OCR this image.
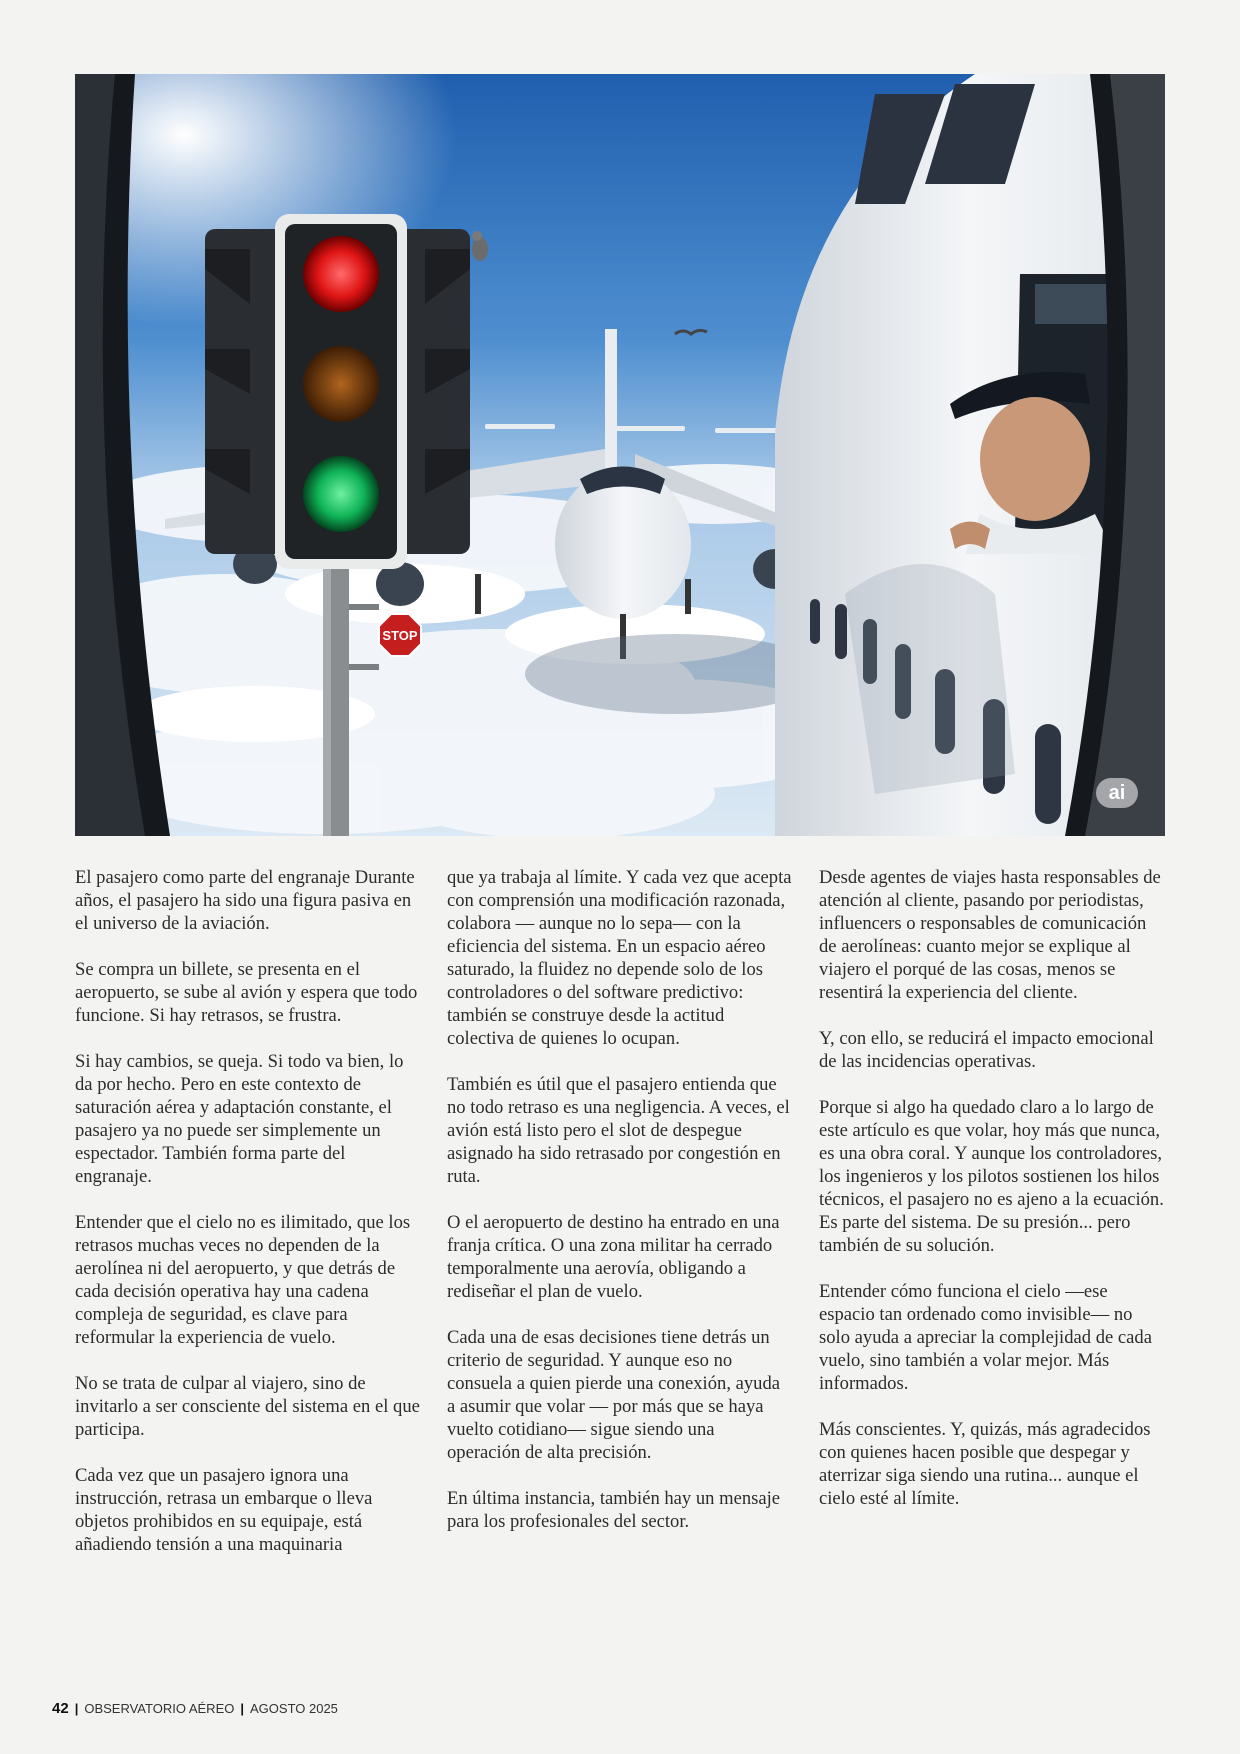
STOP
ai

El pasajero como parte del engranaje Durante años, el pasajero ha sido una figura pasiva en el universo de la aviación.

Se compra un billete, se presenta en el aeropuerto, se sube al avión y espera que todo funcione. Si hay retrasos, se frustra.

Si hay cambios, se queja. Si todo va bien, lo da por hecho. Pero en este contexto de saturación aérea y adaptación constante, el pasajero ya no puede ser simplemente un espectador. También forma parte del engranaje.

Entender que el cielo no es ilimitado, que los retrasos muchas veces no dependen de la aerolínea ni del aeropuerto, y que detrás de cada decisión operativa hay una cadena compleja de seguridad, es clave para reformular la experiencia de vuelo.

No se trata de culpar al viajero, sino de invitarlo a ser consciente del sistema en el que participa.

Cada vez que un pasajero ignora una instrucción, retrasa un embarque o lleva objetos prohibidos en su equipaje, está añadiendo tensión a una maquinaria

que ya trabaja al límite. Y cada vez que acepta con comprensión una modificación razonada, colabora — aunque no lo sepa— con la eficiencia del sistema. En un espacio aéreo saturado, la fluidez no depende solo de los controladores o del software predictivo: también se construye desde la actitud colectiva de quienes lo ocupan.

También es útil que el pasajero entienda que no todo retraso es una negligencia. A veces, el avión está listo pero el slot de despegue asignado ha sido retrasado por congestión en ruta.

O el aeropuerto de destino ha entrado en una franja crítica. O una zona militar ha cerrado temporalmente una aerovía, obligando a rediseñar el plan de vuelo.

Cada una de esas decisiones tiene detrás un criterio de seguridad. Y aunque eso no consuela a quien pierde una conexión, ayuda a asumir que volar — por más que se haya vuelto cotidiano— sigue siendo una operación de alta precisión.

En última instancia, también hay un mensaje para los profesionales del sector.

Desde agentes de viajes hasta responsables de atención al cliente, pasando por periodistas, influencers o responsables de comunicación de aerolíneas: cuanto mejor se explique al viajero el porqué de las cosas, menos se resentirá la experiencia del cliente.

Y, con ello, se reducirá el impacto emocional de las incidencias operativas.

Porque si algo ha quedado claro a lo largo de este artículo es que volar, hoy más que nunca, es una obra coral. Y aunque los controladores, los ingenieros y los pilotos sostienen los hilos técnicos, el pasajero no es ajeno a la ecuación. Es parte del sistema. De su presión... pero también de su solución.

Entender cómo funciona el cielo —ese espacio tan ordenado como invisible— no solo ayuda a apreciar la complejidad de cada vuelo, sino también a volar mejor. Más informados.

Más conscientes. Y, quizás, más agradecidos con quienes hacen posible que despegar y aterrizar siga siendo una rutina... aunque el cielo esté al límite.

42 | OBSERVATORIO AÉREO | AGOSTO 2025
